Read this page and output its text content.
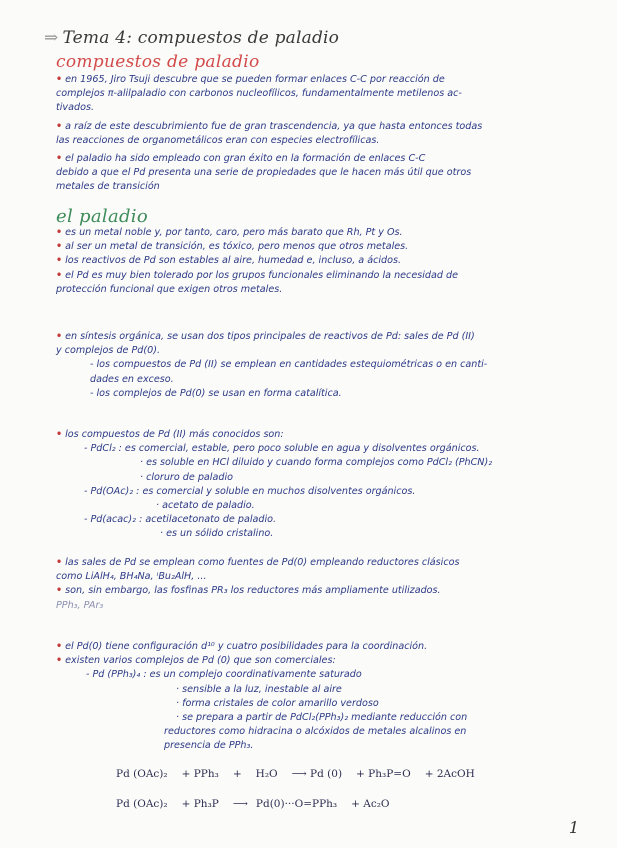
⇒ Tema 4: compuestos de paladio
compuestos de paladio

• en 1965, Jiro Tsuji descubre que se pueden formar enlaces C-C por reacción de

complejos π-alilpaladio con carbonos nucleofílicos, fundamentalmente metilenos ac-

tivados.

• a raíz de este descubrimiento fue de gran trascendencia, ya que hasta entonces todas

las reacciones de organometálicos eran con especies electrofílicas.

• el paladio ha sido empleado con gran éxito en la formación de enlaces C-C

debido a que el Pd presenta una serie de propiedades que le hacen más útil que otros

metales de transición

el paladio

• es un metal noble y, por tanto, caro, pero más barato que Rh, Pt y Os.

• al ser un metal de transición, es tóxico, pero menos que otros metales.

• los reactivos de Pd son estables al aire, humedad e, incluso, a ácidos.

• el Pd es muy bien tolerado por los grupos funcionales eliminando la necesidad de

protección funcional que exigen otros metales.

• en síntesis orgánica, se usan dos tipos principales de reactivos de Pd: sales de Pd (II)

y complejos de Pd(0).

- los compuestos de Pd (II) se emplean en cantidades estequiométricas o en canti-

dades en exceso.

- los complejos de Pd(0) se usan en forma catalítica.

• los compuestos de Pd (II) más conocidos son:

- PdCl₂ : es comercial, estable, pero poco soluble en agua y disolventes orgánicos.

· es soluble en HCl diluido y cuando forma complejos como PdCl₂ (PhCN)₂

· cloruro de paladio

- Pd(OAc)₂ : es comercial y soluble en muchos disolventes orgánicos.

· acetato de paladio.

- Pd(acac)₂ : acetilacetonato de paladio.

· es un sólido cristalino.

• las sales de Pd se emplean como fuentes de Pd(0) empleando reductores clásicos

como LiAlH₄, BH₄Na, ⁱBu₂AlH, ...

• son, sin embargo, las fosfinas PR₃ los reductores más ampliamente utilizados.

PPh₃, PAr₃

• el Pd(0) tiene configuración d¹⁰ y cuatro posibilidades para la coordinación.

• existen varios complejos de Pd (0) que son comerciales:

- Pd (PPh₃)₄ : es un complejo coordinativamente saturado

· sensible a la luz, inestable al aire

· forma cristales de color amarillo verdoso

· se prepara a partir de PdCl₂(PPh₃)₂ mediante reducción con

reductores como hidracina o alcóxidos de metales alcalinos en

presencia de PPh₃.

Pd (OAc)₂ + PPh₃ + H₂O ⟶ Pd (0) + Ph₃P=O + 2AcOH
Pd (OAc)₂ + Ph₃P ⟶ Pd(0)···O=PPh₃ + Ac₂O
1
